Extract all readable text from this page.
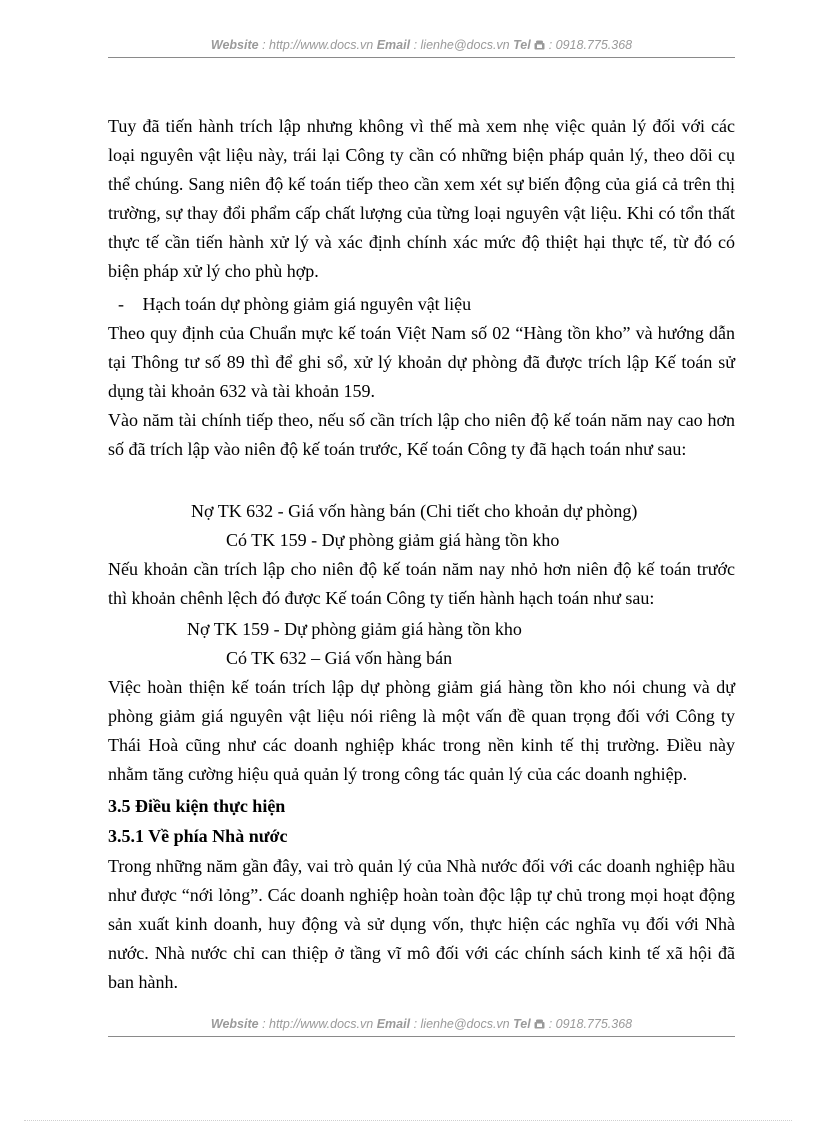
Website : http://www.docs.vn Email : lienhe@docs.vn Tel : 0918.775.368

Tuy đã tiến hành trích lập nhưng không vì thế mà xem nhẹ việc quản lý đối với các loại nguyên vật liệu này, trái lại Công ty cần có những biện pháp quản lý, theo dõi cụ thể chúng. Sang niên độ kế toán tiếp theo cần xem xét sự biến động của giá cả trên thị trường, sự thay đổi phẩm cấp chất lượng của từng loại nguyên vật liệu. Khi có tổn thất thực tế cần tiến hành xử lý và xác định chính xác mức độ thiệt hại thực tế, từ đó có biện pháp xử lý cho phù hợp.

- Hạch toán dự phòng giảm giá nguyên vật liệu

Theo quy định của Chuẩn mực kế toán Việt Nam số 02 “Hàng tồn kho” và hướng dẫn tại Thông tư số 89 thì để ghi sổ, xử lý khoản dự phòng đã được trích lập Kế toán sử dụng tài khoản 632 và tài khoản 159.

Vào năm tài chính tiếp theo, nếu số cần trích lập cho niên độ kế toán năm nay cao hơn số đã trích lập vào niên độ kế toán trước, Kế toán Công ty đã hạch toán như sau:

Nợ TK 632 - Giá vốn hàng bán (Chi tiết cho khoản dự phòng)
Có TK 159 - Dự phòng giảm giá hàng tồn kho

Nếu khoản cần trích lập cho niên độ kế toán năm nay nhỏ hơn niên độ kế toán trước thì khoản chênh lệch đó được Kế toán Công ty tiến hành hạch toán như sau:

Nợ TK 159 - Dự phòng giảm giá hàng tồn kho
Có TK 632 – Giá vốn hàng bán

Việc hoàn thiện kế toán trích lập dự phòng giảm giá hàng tồn kho nói chung và dự phòng giảm giá nguyên vật liệu nói riêng là một vấn đề quan trọng đối với Công ty Thái Hoà cũng như các doanh nghiệp khác trong nền kinh tế thị trường. Điều này nhằm tăng cường hiệu quả quản lý trong công tác quản lý của các doanh nghiệp.

3.5 Điều kiện thực hiện
3.5.1 Về phía Nhà nước

Trong những năm gần đây, vai trò quản lý của Nhà nước đối với các doanh nghiệp hầu như được “nới lỏng”. Các doanh nghiệp hoàn toàn độc lập tự chủ trong mọi hoạt động sản xuất kinh doanh, huy động và sử dụng vốn, thực hiện các nghĩa vụ đối với Nhà nước. Nhà nước chỉ can thiệp ở tầng vĩ mô đối với các chính sách kinh tế xã hội đã ban hành.

Website : http://www.docs.vn Email : lienhe@docs.vn Tel : 0918.775.368
